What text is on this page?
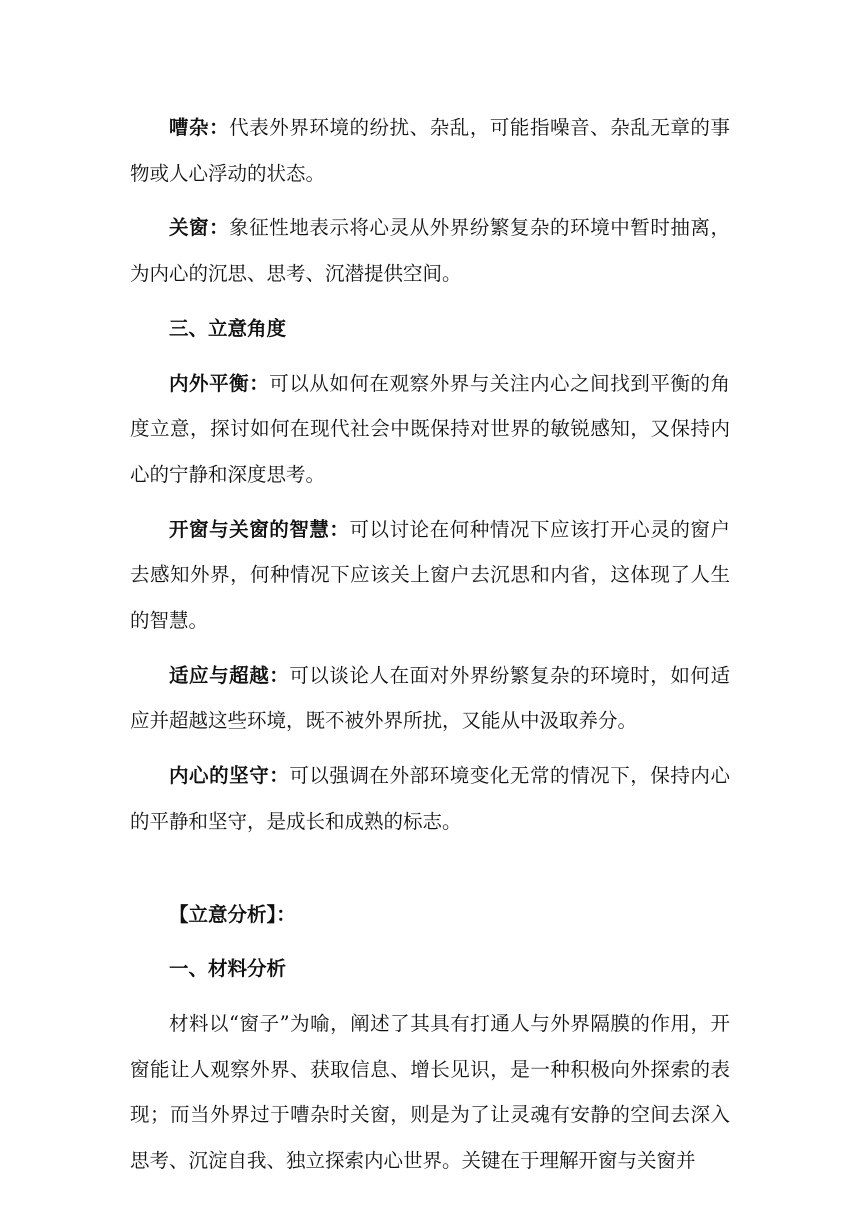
嘈杂：代表外界环境的纷扰、杂乱，可能指噪音、杂乱无章的事物或人心浮动的状态。

关窗：象征性地表示将心灵从外界纷繁复杂的环境中暂时抽离，为内心的沉思、思考、沉潜提供空间。

三、立意角度

内外平衡：可以从如何在观察外界与关注内心之间找到平衡的角度立意，探讨如何在现代社会中既保持对世界的敏锐感知，又保持内心的宁静和深度思考。

开窗与关窗的智慧：可以讨论在何种情况下应该打开心灵的窗户去感知外界，何种情况下应该关上窗户去沉思和内省，这体现了人生的智慧。

适应与超越：可以谈论人在面对外界纷繁复杂的环境时，如何适应并超越这些环境，既不被外界所扰，又能从中汲取养分。

内心的坚守：可以强调在外部环境变化无常的情况下，保持内心的平静和坚守，是成长和成熟的标志。

【立意分析】：

一、材料分析

材料以“窗子”为喻，阐述了其具有打通人与外界隔膜的作用，开窗能让人观察外界、获取信息、增长见识，是一种积极向外探索的表现；而当外界过于嘈杂时关窗，则是为了让灵魂有安静的空间去深入思考、沉淀自我、独立探索内心世界。关键在于理解开窗与关窗并
